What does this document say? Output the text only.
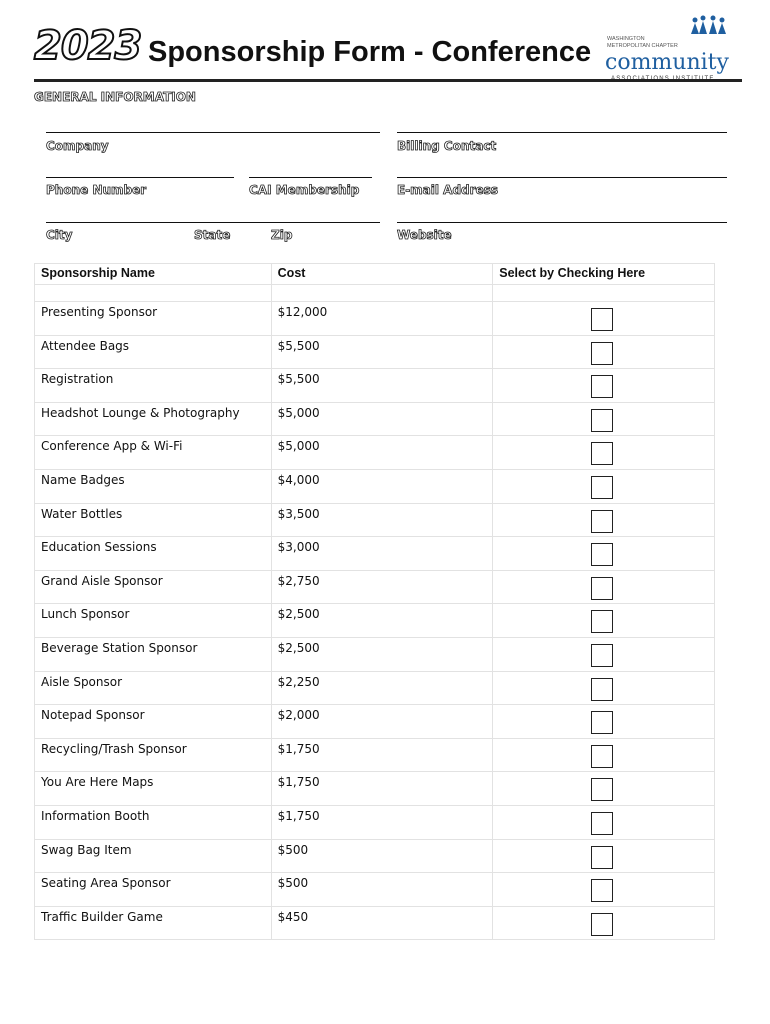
2023 Sponsorship Form - Conference	WASHINGTON METROPOLITAN CHAPTER
community
GENERAL INFORMATION
Company	Billing Contact
Phone Number	CAI Membership	E-mail Address
City	State	Zip	Website
Sponsorship Name	Cost	Select by Checking Here

Presenting Sponsor	$12,000	

Attendee Bags	$5,500	

Registration	$5,500	

Headshot Lounge & Photography	$5,000	

Conference App & Wi-Fi	$5,000	

Name Badges	$4,000	

Water Bottles	$3,500	

Education Sessions	$3,000	

Grand Aisle Sponsor	$2,750	

Lunch Sponsor	$2,500	

Beverage Station Sponsor	$2,500	

Aisle Sponsor	$2,250	

Notepad Sponsor	$2,000	

Recycling/Trash Sponsor	$1,750	

You Are Here Maps	$1,750	

Information Booth	$1,750	

Swag Bag Item	$500	

Seating Area Sponsor	$500	

Traffic Builder Game	$450	
